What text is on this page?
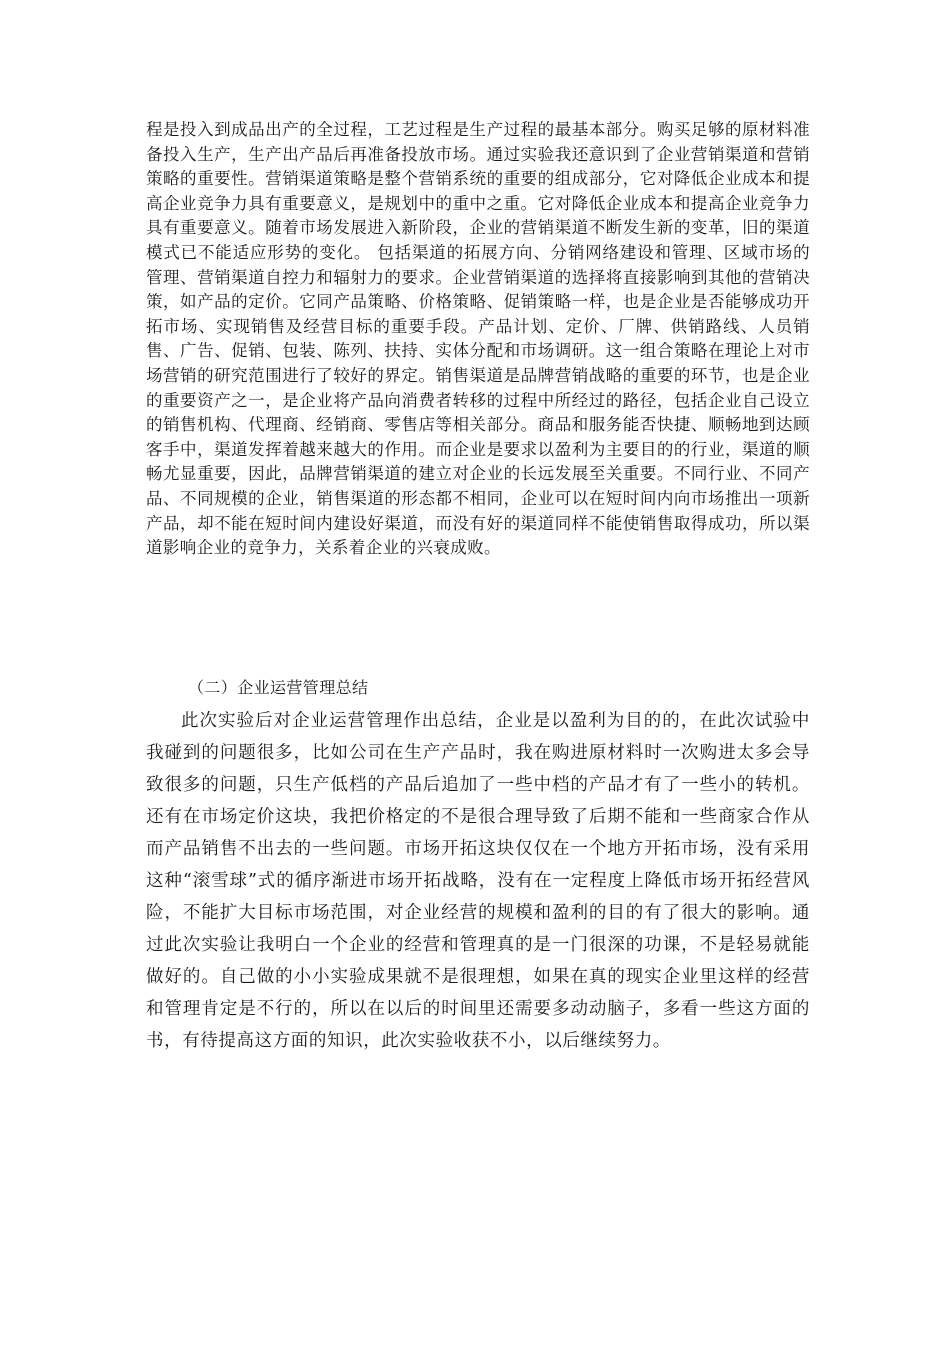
程是投入到成品出产的全过程，工艺过程是生产过程的最基本部分。购买足够的原材料准备投入生产，生产出产品后再准备投放市场。通过实验我还意识到了企业营销渠道和营销策略的重要性。营销渠道策略是整个营销系统的重要的组成部分，它对降低企业成本和提高企业竞争力具有重要意义，是规划中的重中之重。它对降低企业成本和提高企业竞争力具有重要意义。随着市场发展进入新阶段，企业的营销渠道不断发生新的变革，旧的渠道模式已不能适应形势的变化。 包括渠道的拓展方向、分销网络建设和管理、区域市场的管理、营销渠道自控力和辐射力的要求。企业营销渠道的选择将直接影响到其他的营销决策，如产品的定价。它同产品策略、价格策略、促销策略一样，也是企业是否能够成功开拓市场、实现销售及经营目标的重要手段。产品计划、定价、厂牌、供销路线、人员销售、广告、促销、包装、陈列、扶持、实体分配和市场调研。这一组合策略在理论上对市场营销的研究范围进行了较好的界定。销售渠道是品牌营销战略的重要的环节，也是企业的重要资产之一，是企业将产品向消费者转移的过程中所经过的路径，包括企业自己设立的销售机构、代理商、经销商、零售店等相关部分。商品和服务能否快捷、顺畅地到达顾客手中，渠道发挥着越来越大的作用。而企业是要求以盈利为主要目的的行业，渠道的顺畅尤显重要，因此，品牌营销渠道的建立对企业的长远发展至关重要。不同行业、不同产品、不同规模的企业，销售渠道的形态都不相同，企业可以在短时间内向市场推出一项新产品，却不能在短时间内建设好渠道，而没有好的渠道同样不能使销售取得成功，所以渠道影响企业的竞争力，关系着企业的兴衰成败。

（二）企业运营管理总结

此次实验后对企业运营管理作出总结，企业是以盈利为目的的，在此次试验中我碰到的问题很多，比如公司在生产产品时，我在购进原材料时一次购进太多会导致很多的问题，只生产低档的产品后追加了一些中档的产品才有了一些小的转机。还有在市场定价这块，我把价格定的不是很合理导致了后期不能和一些商家合作从而产品销售不出去的一些问题。市场开拓这块仅仅在一个地方开拓市场，没有采用这种“滚雪球”式的循序渐进市场开拓战略，没有在一定程度上降低市场开拓经营风险，不能扩大目标市场范围，对企业经营的规模和盈利的目的有了很大的影响。通过此次实验让我明白一个企业的经营和管理真的是一门很深的功课，不是轻易就能做好的。自己做的小小实验成果就不是很理想，如果在真的现实企业里这样的经营和管理肯定是不行的，所以在以后的时间里还需要多动动脑子，多看一些这方面的书，有待提高这方面的知识，此次实验收获不小，以后继续努力。
